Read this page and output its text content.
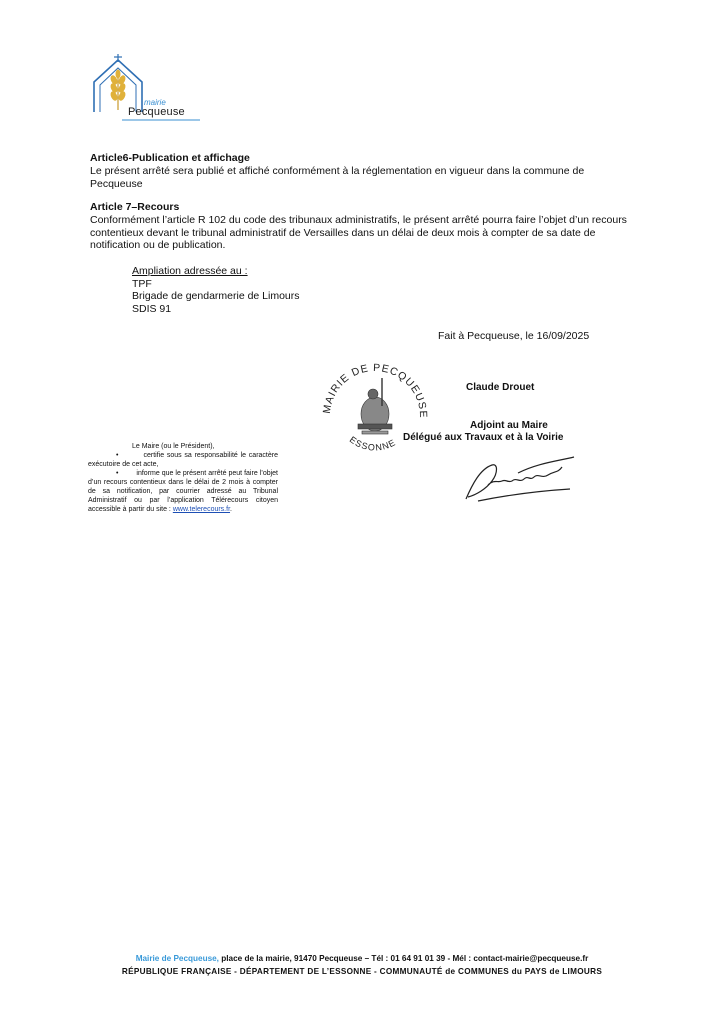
mairie
Pecqueuse
Article6-Publication et affichage
Le présent arrêté sera publié et affiché conformément à la réglementation en vigueur dans la commune de Pecqueuse
Article 7–Recours
Conformément l’article R 102 du code des tribunaux administratifs, le présent arrêté pourra faire l’objet d’un recours contentieux devant le tribunal administratif de Versailles dans un délai de deux mois à compter de sa date de notification ou de publication.
Ampliation adressée au :
TPF
Brigade de gendarmerie de Limours
SDIS 91
Fait à Pecqueuse, le 16/09/2025
MAIRIE DE PECQUEUSE
ESSONNE
Claude Drouet
Adjoint au Maire
Délégué aux Travaux et à la Voirie
Le Maire (ou le Président),
•         certifie sous sa responsabilité le caractère exécutoire de cet acte,
•         informe que le présent arrêté peut faire l’objet d’un recours contentieux dans le délai de 2 mois à compter de sa notification, par courrier adressé au Tribunal Administratif ou par l’application Télérecours citoyen accessible à partir du site : www.telerecours.fr.
Mairie de Pecqueuse, place de la mairie, 91470 Pecqueuse – Tél : 01 64 91 01 39 - Mél : contact-mairie@pecqueuse.fr
RÉPUBLIQUE FRANÇAISE - DÉPARTEMENT DE L’ESSONNE - COMMUNAUTÉ de COMMUNES du PAYS de LIMOURS
